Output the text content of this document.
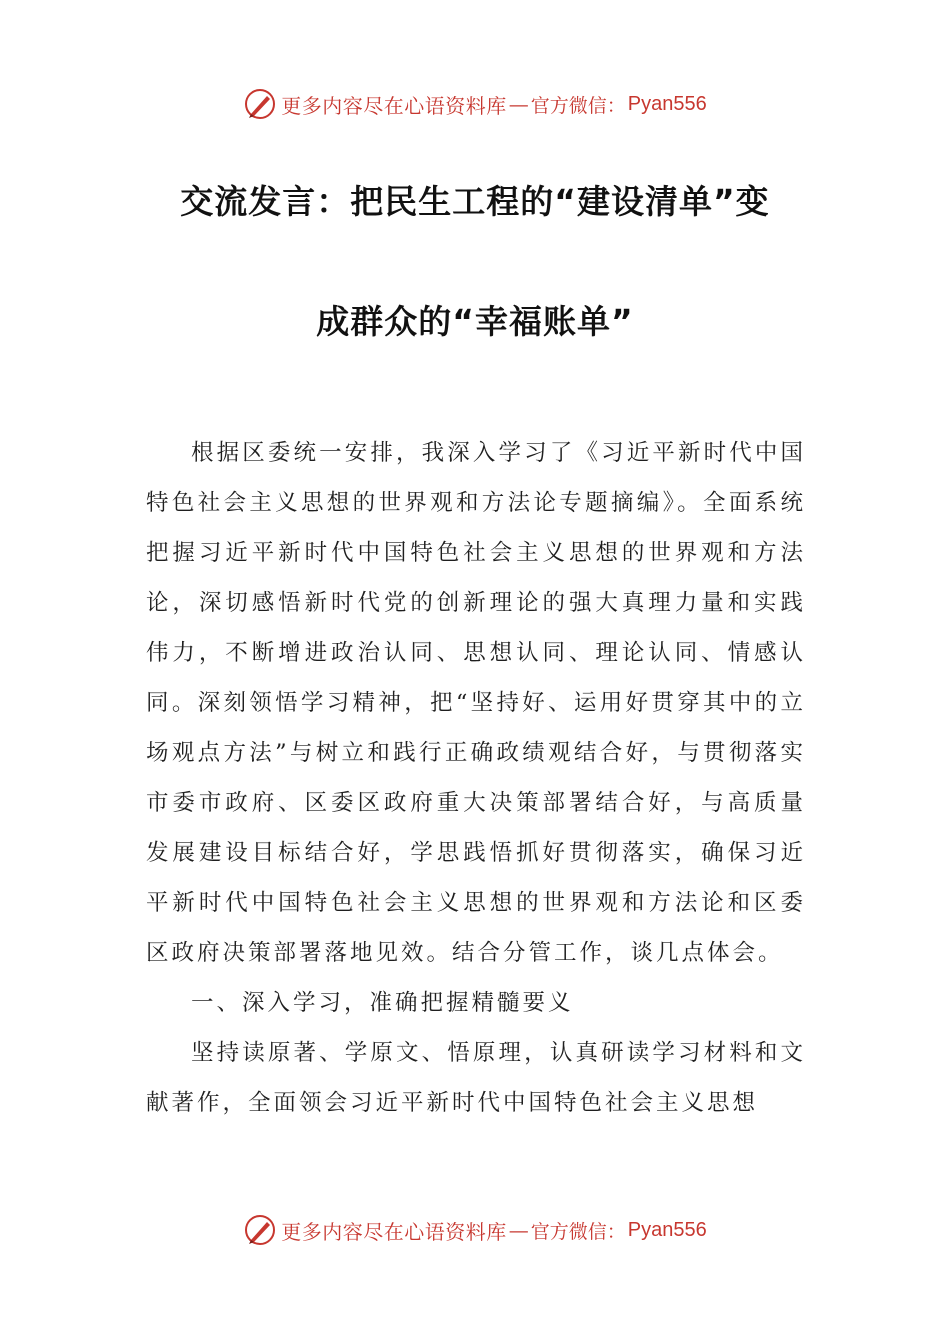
更多内容尽在心语资料库 — 官方微信： Pyan556
交流发言：把民生工程的“建设清单”变
成群众的“幸福账单”

根据区委统一安排，我深入学习了《习近平新时代中国特色社会主义思想的世界观和方法论专题摘编》。全面系统把握习近平新时代中国特色社会主义思想的世界观和方法论，深切感悟新时代党的创新理论的强大真理力量和实践伟力，不断增进政治认同、思想认同、理论认同、情感认同。深刻领悟学习精神，把“坚持好、运用好贯穿其中的立场观点方法”与树立和践行正确政绩观结合好，与贯彻落实市委市政府、区委区政府重大决策部署结合好，与高质量发展建设目标结合好，学思践悟抓好贯彻落实，确保习近平新时代中国特色社会主义思想的世界观和方法论和区委区政府决策部署落地见效。结合分管工作，谈几点体会。

一、深入学习，准确把握精髓要义

坚持读原著、学原文、悟原理，认真研读学习材料和文献著作，全面领会习近平新时代中国特色社会主义思想

更多内容尽在心语资料库 — 官方微信： Pyan556
